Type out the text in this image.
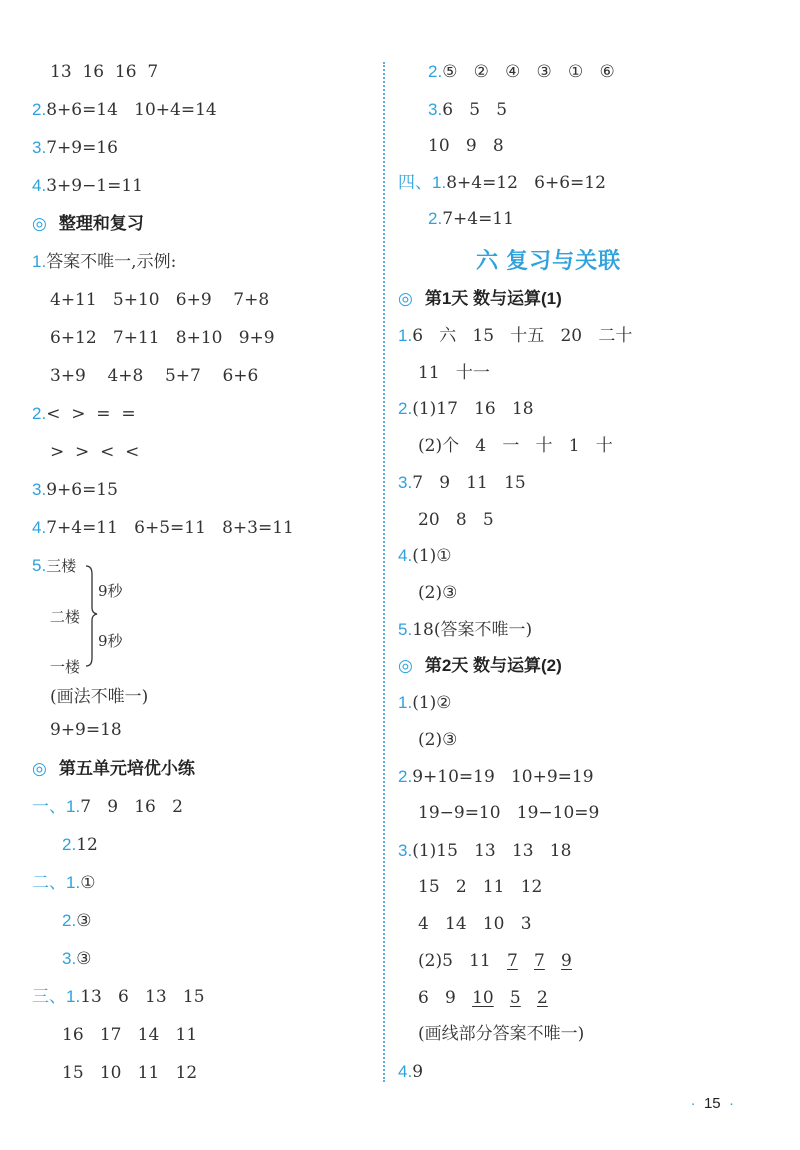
13  16  16  7
2.8+6=14   10+4=14
3.7+9=16
4.3+9−1=11
◎ 整理和复习
1.答案不唯一,示例:
4+11   5+10   6+9    7+8
6+12   7+11   8+10   9+9
3+9    4+8    5+7    6+6
2.<  >  =  =
>  >  <  <
3.9+6=15
4.7+4=11   6+5=11   8+3=11
5.三楼
二楼
一楼
9秒
9秒
(画法不唯一)
9+9=18
◎ 第五单元培优小练
一、1.7   9   16   2
2.12
二、1.①
2.③
3.③
三、1.13   6   13   15
16   17   14   11
15   10   11   12
2.⑤   ②   ④   ③   ①   ⑥
3.6   5   5
10   9   8
四、1.8+4=12   6+6=12
2.7+4=11
六 复习与关联
◎ 第1天 数与运算(1)
1.6   六   15   十五   20   二十
11   十一
2.(1)17   16   18
(2)个   4   一   十   1   十
3.7   9   11   15
20   8   5
4.(1)①
(2)③
5.18(答案不唯一)
◎ 第2天 数与运算(2)
1.(1)②
(2)③
2.9+10=19   10+9=19
19−9=10   19−10=9
3.(1)15   13   13   18
15   2   11   12
4   14   10   3
(2)5   11   7 7 9
6   9   10 5 2
(画线部分答案不唯一)
4.9
· 15 ·
